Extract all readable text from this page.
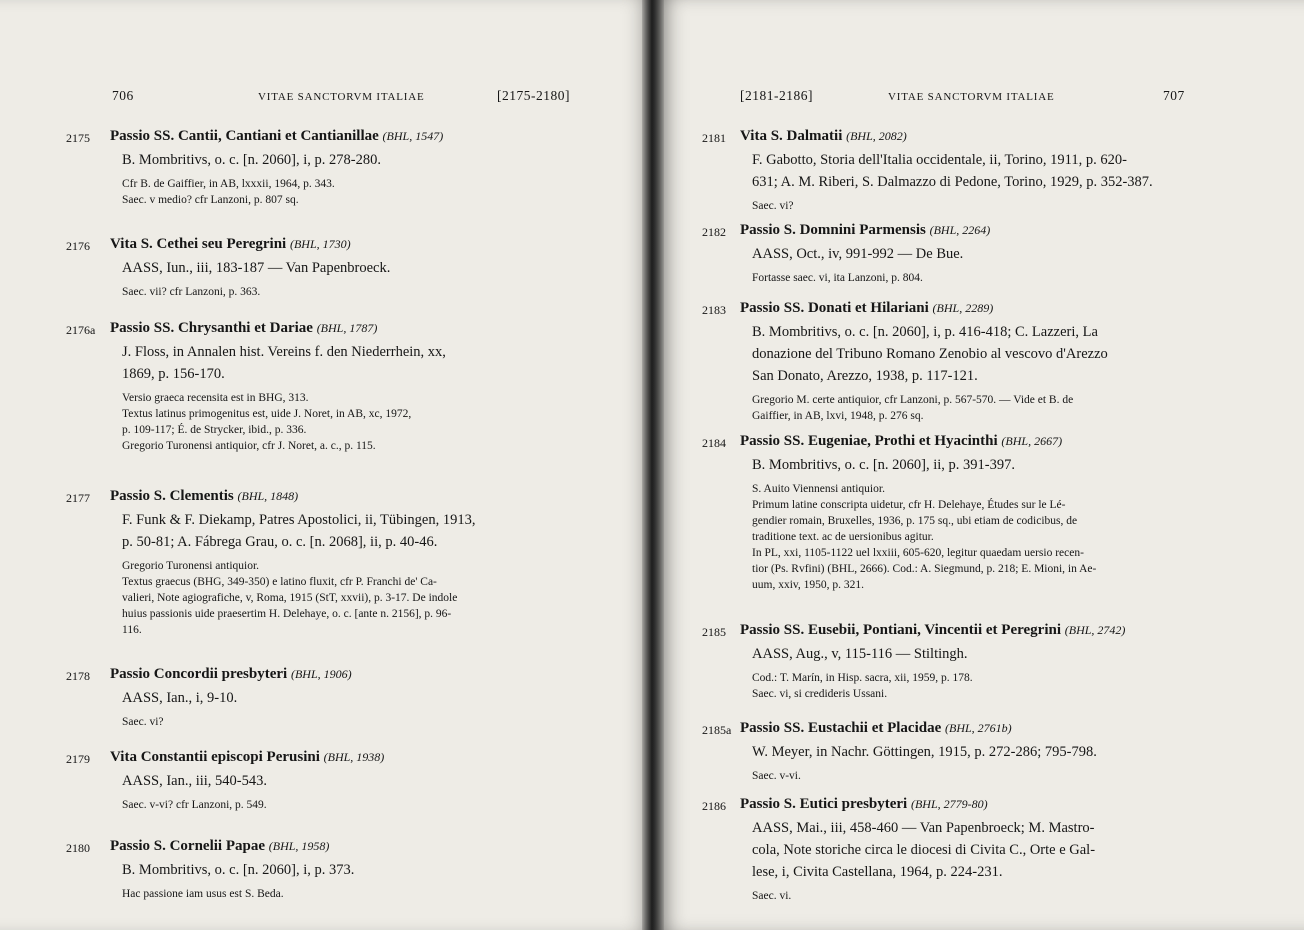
706	VITAE SANCTORVM ITALIAE	[2175-2180]
2175 Passio SS. Cantii, Cantiani et Cantianillae (BHL, 1547)
B. Mombritivs, o. c. [n. 2060], i, p. 278-280.
Cfr B. de Gaiffier, in AB, lxxxii, 1964, p. 343.
Saec. v medio? cfr Lanzoni, p. 807 sq.
2176 Vita S. Cethei seu Peregrini (BHL, 1730)
AASS, Iun., iii, 183-187 — Van Papenbroeck.
Saec. vii? cfr Lanzoni, p. 363.
2176a Passio SS. Chrysanthi et Dariae (BHL, 1787)
J. Floss, in Annalen hist. Vereins f. den Niederrhein, xx,
1869, p. 156-170.
Versio graeca recensita est in BHG, 313.
Textus latinus primogenitus est, uide J. Noret, in AB, xc, 1972,
p. 109-117; É. de Strycker, ibid., p. 336.
Gregorio Turonensi antiquior, cfr J. Noret, a. c., p. 115.
2177 Passio S. Clementis (BHL, 1848)
F. Funk & F. Diekamp, Patres Apostolici, ii, Tübingen, 1913,
p. 50-81; A. Fábrega Grau, o. c. [n. 2068], ii, p. 40-46.
Gregorio Turonensi antiquior.
Textus graecus (BHG, 349-350) e latino fluxit, cfr P. Franchi de' Ca-
valieri, Note agiografiche, v, Roma, 1915 (StT, xxvii), p. 3-17. De indole
huius passionis uide praesertim H. Delehaye, o. c. [ante n. 2156], p. 96-
116.
2178 Passio Concordii presbyteri (BHL, 1906)
AASS, Ian., i, 9-10.
Saec. vi?
2179 Vita Constantii episcopi Perusini (BHL, 1938)
AASS, Ian., iii, 540-543.
Saec. v-vi? cfr Lanzoni, p. 549.
2180 Passio S. Cornelii Papae (BHL, 1958)
B. Mombritivs, o. c. [n. 2060], i, p. 373.
Hac passione iam usus est S. Beda.
707
VITAE SANCTORVM ITALIAE
[2181-2186]
2181 Vita S. Dalmatii (BHL, 2082)
F. Gabotto, Storia dell'Italia occidentale, ii, Torino, 1911, p. 620-
631; A. M. Riberi, S. Dalmazzo di Pedone, Torino, 1929, p. 352-387.
Saec. vi?
2182 Passio S. Domnini Parmensis (BHL, 2264)
AASS, Oct., iv, 991-992 — De Bue.
Fortasse saec. vi, ita Lanzoni, p. 804.
2183 Passio SS. Donati et Hilariani (BHL, 2289)
B. Mombritivs, o. c. [n. 2060], i, p. 416-418; C. Lazzeri, La
donazione del Tribuno Romano Zenobio al vescovo d'Arezzo
San Donato, Arezzo, 1938, p. 117-121.
Gregorio M. certe antiquior, cfr Lanzoni, p. 567-570. — Vide et B. de
Gaiffier, in AB, lxvi, 1948, p. 276 sq.
2184 Passio SS. Eugeniae, Prothi et Hyacinthi (BHL, 2667)
B. Mombritivs, o. c. [n. 2060], ii, p. 391-397.
S. Auito Viennensi antiquior.
Primum latine conscripta uidetur, cfr H. Delehaye, Études sur le Lé-
gendier romain, Bruxelles, 1936, p. 175 sq., ubi etiam de codicibus, de
traditione text. ac de uersionibus agitur.
In PL, xxi, 1105-1122 uel lxxiii, 605-620, legitur quaedam uersio recen-
tior (Ps. Rvfini) (BHL, 2666). Cod.: A. Siegmund, p. 218; E. Mioni, in Ae-
uum, xxiv, 1950, p. 321.
2185 Passio SS. Eusebii, Pontiani, Vincentii et Peregrini (BHL, 2742)
AASS, Aug., v, 115-116 — Stiltingh.
Cod.: T. Marín, in Hisp. sacra, xii, 1959, p. 178.
Saec. vi, si credideris Ussani.
2185a Passio SS. Eustachii et Placidae (BHL, 2761b)
W. Meyer, in Nachr. Göttingen, 1915, p. 272-286; 795-798.
Saec. v-vi.
2186 Passio S. Eutici presbyteri (BHL, 2779-80)
AASS, Mai., iii, 458-460 — Van Papenbroeck; M. Mastro-
cola, Note storiche circa le diocesi di Civita C., Orte e Gal-
lese, i, Civita Castellana, 1964, p. 224-231.
Saec. vi.
